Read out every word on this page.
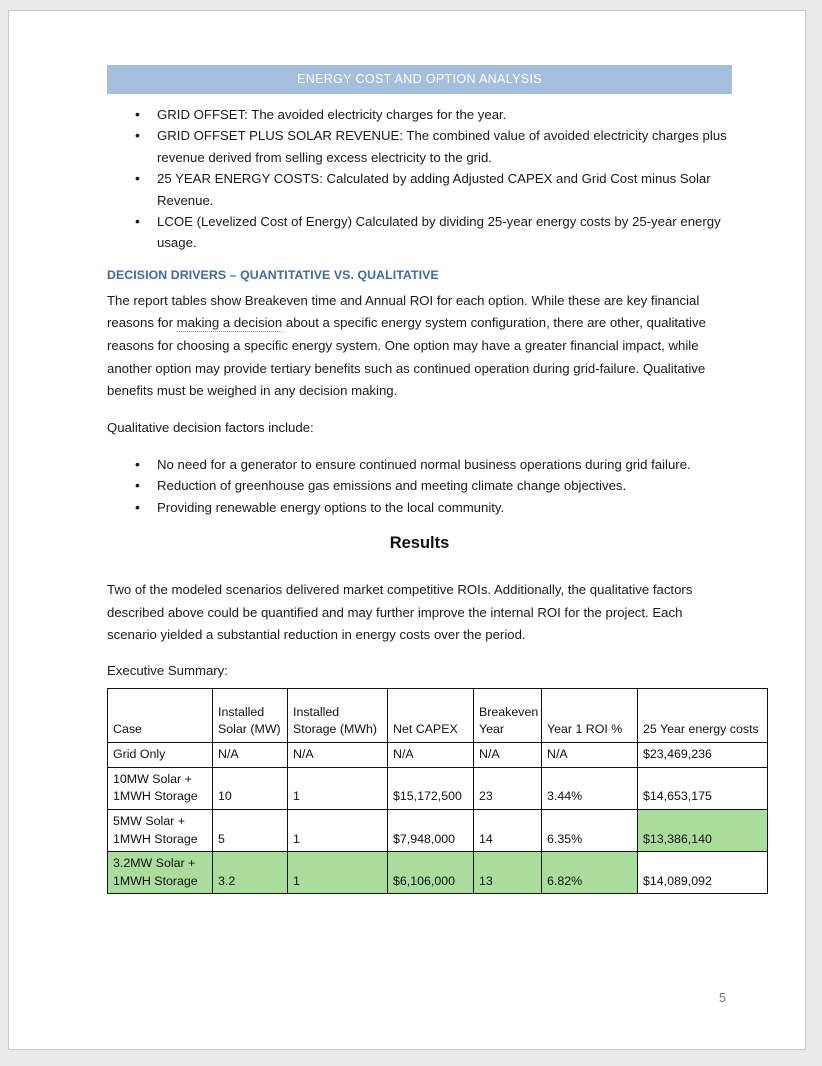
ENERGY COST AND OPTION ANALYSIS
• GRID OFFSET: The avoided electricity charges for the year.
• GRID OFFSET PLUS SOLAR REVENUE: The combined value of avoided electricity charges plus revenue derived from selling excess electricity to the grid.
• 25 YEAR ENERGY COSTS: Calculated by adding Adjusted CAPEX and Grid Cost minus Solar Revenue.
• LCOE (Levelized Cost of Energy) Calculated by dividing 25-year energy costs by 25-year energy usage.
DECISION DRIVERS – QUANTITATIVE VS. QUALITATIVE

The report tables show Breakeven time and Annual ROI for each option. While these are key financial reasons for making a decision about a specific energy system configuration, there are other, qualitative reasons for choosing a specific energy system. One option may have a greater financial impact, while another option may provide tertiary benefits such as continued operation during grid-failure. Qualitative benefits must be weighed in any decision making.

Qualitative decision factors include:

• No need for a generator to ensure continued normal business operations during grid failure.
• Reduction of greenhouse gas emissions and meeting climate change objectives.
• Providing renewable energy options to the local community.
Results

Two of the modeled scenarios delivered market competitive ROIs. Additionally, the qualitative factors described above could be quantified and may further improve the internal ROI for the project. Each scenario yielded a substantial reduction in energy costs over the period.

Executive Summary:
Case	Installed Solar (MW)	Installed Storage (MWh)	Net CAPEX	Breakeven Year	Year 1 ROI %	25 Year energy costs
Grid Only	N/A	N/A	N/A	N/A	N/A	$23,469,236
10MW Solar + 1MWH Storage	10	1	$15,172,500	23	3.44%	$14,653,175
5MW Solar + 1MWH Storage	5	1	$7,948,000	14	6.35%	$13,386,140
3.2MW Solar + 1MWH Storage	3.2	1	$6,106,000	13	6.82%	$14,089,092
5
